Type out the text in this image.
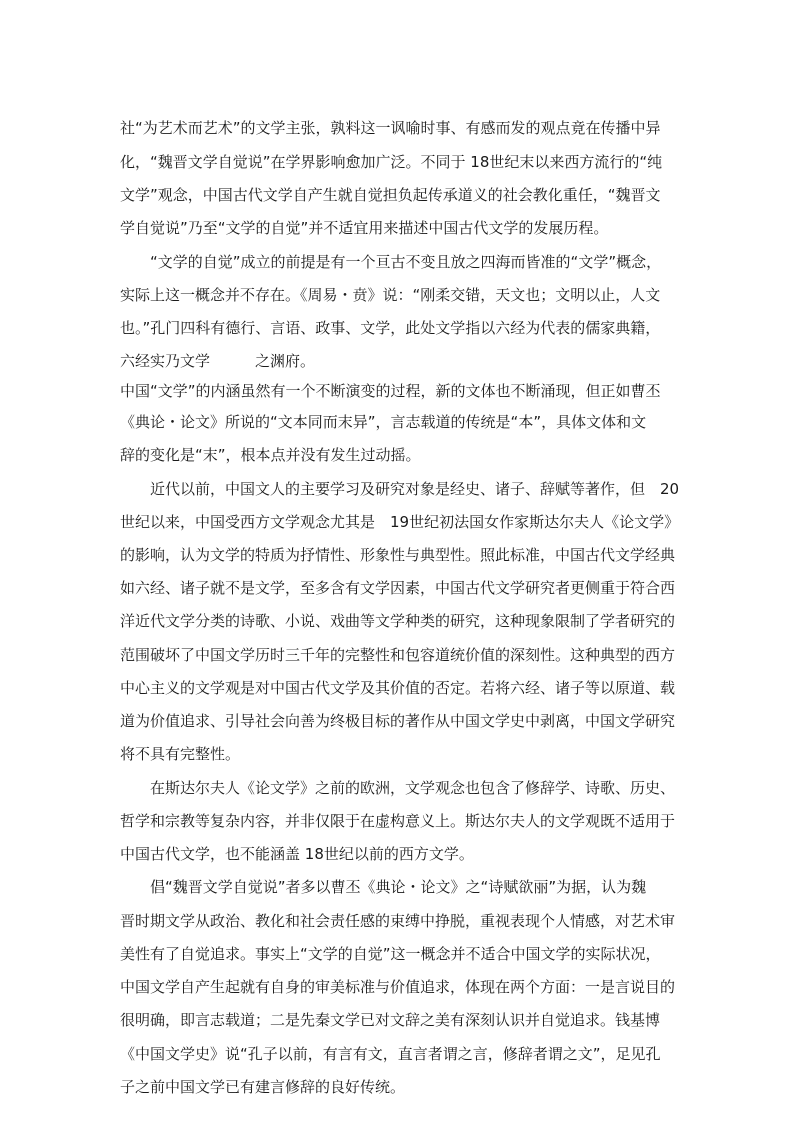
社“为艺术而艺术”的文学主张，孰料这一讽喻时事、有感而发的观点竟在传播中异
化，“魏晋文学自觉说”在学界影响愈加广泛。不同于 18世纪末以来西方流行的“纯
文学”观念，中国古代文学自产生就自觉担负起传承道义的社会教化重任，“魏晋文
学自觉说”乃至“文学的自觉”并不适宜用来描述中国古代文学的发展历程。
　　“文学的自觉”成立的前提是有一个亘古不变且放之四海而皆准的“文学”概念，
实际上这一概念并不存在。《周易・贲》说：“刚柔交错，天文也；文明以止，人文
也。”孔门四科有德行、言语、政事、文学，此处文学指以六经为代表的儒家典籍，
六经实乃文学　　　之渊府。
中国“文学”的内涵虽然有一个不断演变的过程，新的文体也不断涌现，但正如曹丕
《典论・论文》所说的“文本同而末异”，言志载道的传统是“本”，具体文体和文
辞的变化是“末”，根本点并没有发生过动摇。
　　近代以前，中国文人的主要学习及研究对象是经史、诸子、辞赋等著作，但　20
世纪以来，中国受西方文学观念尤其是　19世纪初法国女作家斯达尔夫人《论文学》
的影响，认为文学的特质为抒情性、形象性与典型性。照此标准，中国古代文学经典
如六经、诸子就不是文学，至多含有文学因素，中国古代文学研究者更侧重于符合西
洋近代文学分类的诗歌、小说、戏曲等文学种类的研究，这种现象限制了学者研究的
范围破坏了中国文学历时三千年的完整性和包容道统价值的深刻性。这种典型的西方
中心主义的文学观是对中国古代文学及其价值的否定。若将六经、诸子等以原道、载
道为价值追求、引导社会向善为终极目标的著作从中国文学史中剥离，中国文学研究
将不具有完整性。
　　在斯达尔夫人《论文学》之前的欧洲，文学观念也包含了修辞学、诗歌、历史、
哲学和宗教等复杂内容，并非仅限于在虚构意义上。斯达尔夫人的文学观既不适用于
中国古代文学，也不能涵盖 18世纪以前的西方文学。
　　倡“魏晋文学自觉说”者多以曹丕《典论・论文》之“诗赋欲丽”为据，认为魏
晋时期文学从政治、教化和社会责任感的束缚中挣脱，重视表现个人情感，对艺术审
美性有了自觉追求。事实上“文学的自觉”这一概念并不适合中国文学的实际状况，
中国文学自产生起就有自身的审美标准与价值追求，体现在两个方面：一是言说目的
很明确，即言志载道；二是先秦文学已对文辞之美有深刻认识并自觉追求。钱基博
《中国文学史》说“孔子以前，有言有文，直言者谓之言，修辞者谓之文”，足见孔
子之前中国文学已有建言修辞的良好传统。
